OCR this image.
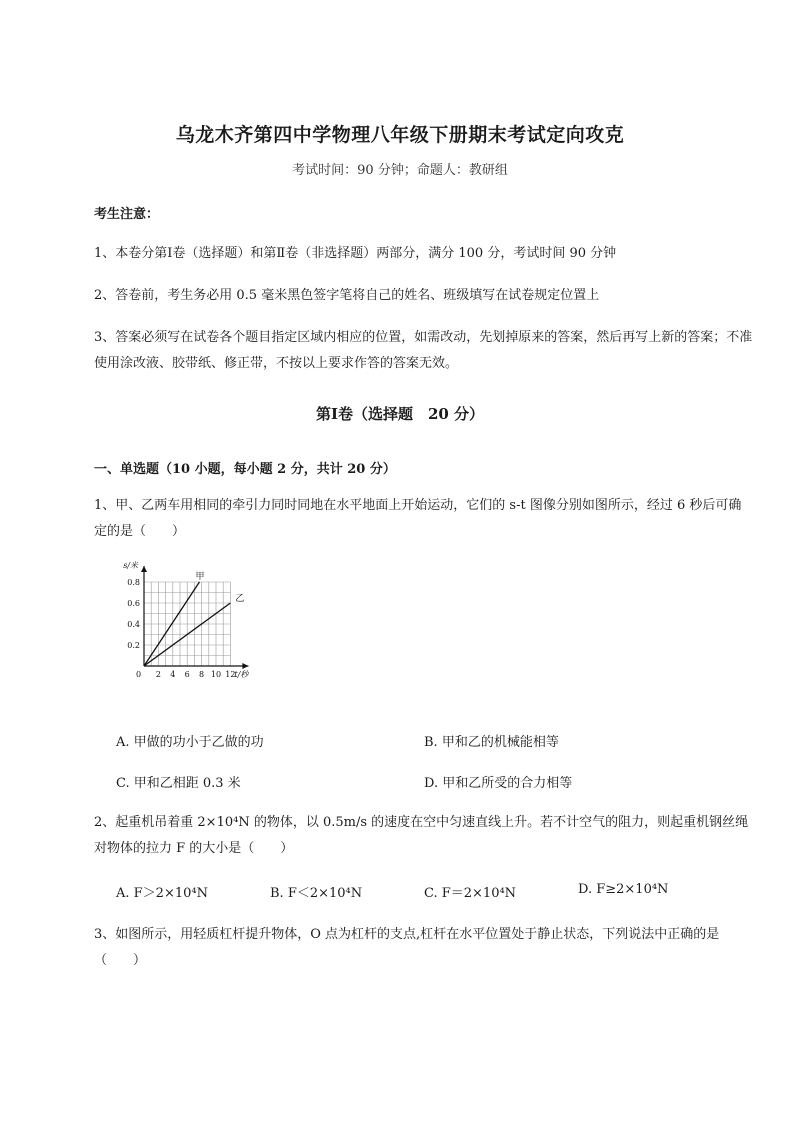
乌龙木齐第四中学物理八年级下册期末考试定向攻克
考试时间：90 分钟；命题人：教研组
考生注意：
1、本卷分第Ⅰ卷（选择题）和第Ⅱ卷（非选择题）两部分，满分 100 分，考试时间 90 分钟
2、答卷前，考生务必用 0.5 毫米黑色签字笔将自己的姓名、班级填写在试卷规定位置上
3、答案必须写在试卷各个题目指定区域内相应的位置，如需改动，先划掉原来的答案，然后再写上新的答案；不准使用涂改液、胶带纸、修正带，不按以上要求作答的答案无效。
第Ⅰ卷（选择题　20 分）
一、单选题（10 小题，每小题 2 分，共计 20 分）
1、甲、乙两车用相同的牵引力同时同地在水平地面上开始运动，它们的 s-t 图像分别如图所示，经过 6 秒后可确定的是（　　）
s/米
t/秒
0
0.8
0.6
0.4
0.2
2 4 6 8 10 12
甲
乙
A. 甲做的功小于乙做的功	B. 甲和乙的机械能相等
C. 甲和乙相距 0.3 米	D. 甲和乙所受的合力相等
2、起重机吊着重 2×10⁴N 的物体，以 0.5m/s 的速度在空中匀速直线上升。若不计空气的阻力，则起重机钢丝绳对物体的拉力 F 的大小是（　　）
A. F＞2×10⁴N	B. F＜2×10⁴N	C. F＝2×10⁴N	D. F≥2×10⁴N
3、如图所示，用轻质杠杆提升物体，O 点为杠杆的支点,杠杆在水平位置处于静止状态，下列说法中正确的是（　　）
